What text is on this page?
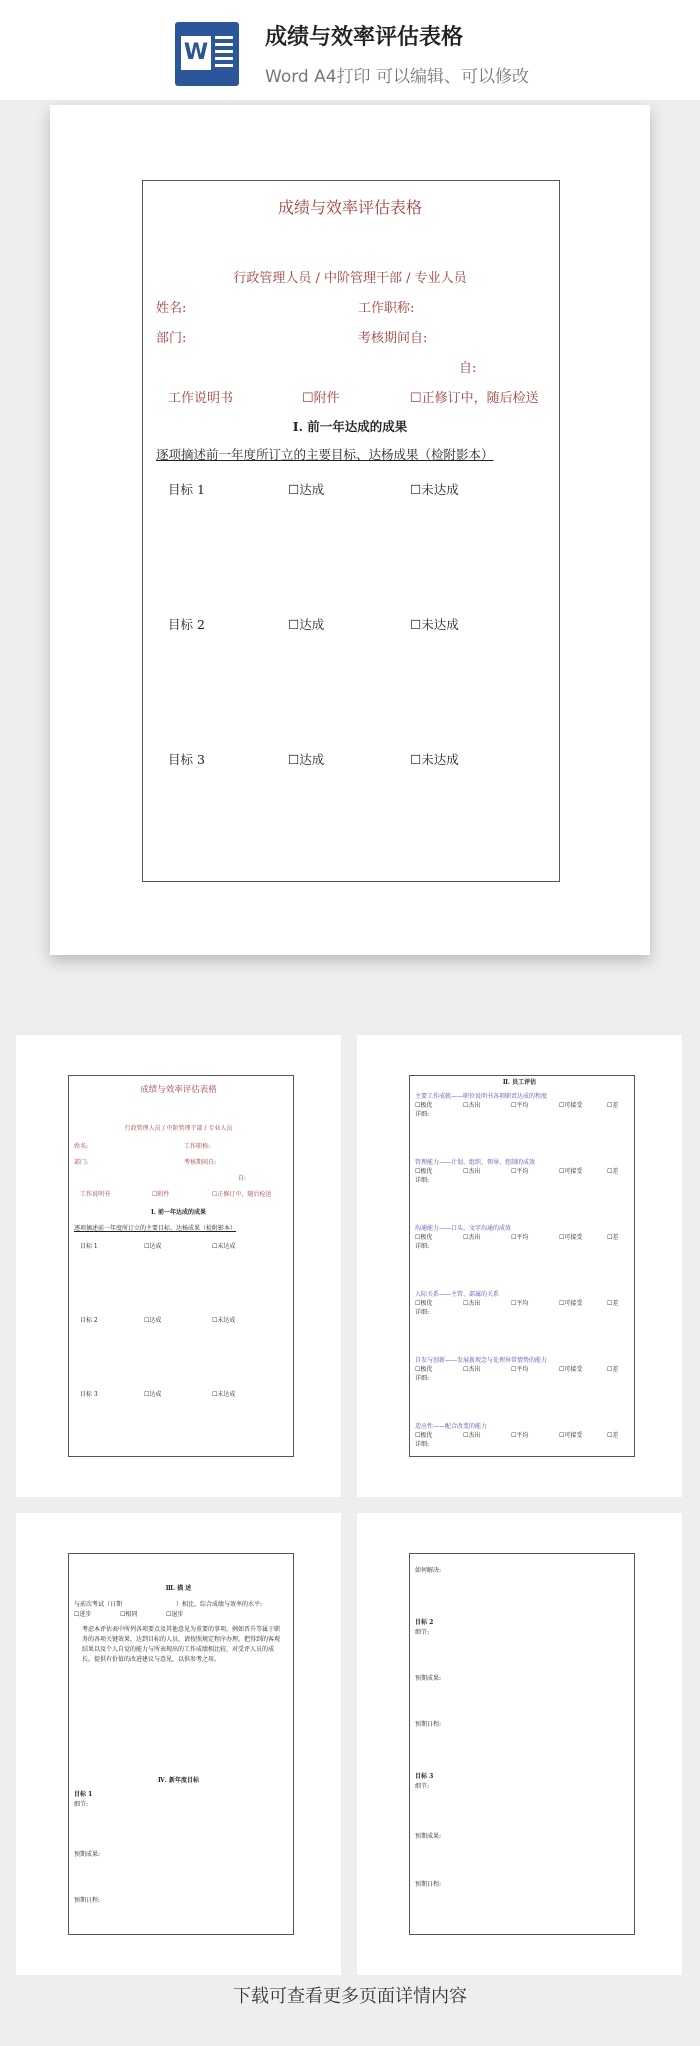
W
成绩与效率评估表格
Word A4打印 可以编辑、可以修改
成绩与效率评估表格
行政管理人员 / 中阶管理干部 / 专业人员
姓名:	工作职称:
部门:	考核期间自:
自:
工作说明书	☐附件	☐正修订中，随后检送
Ⅰ. 前一年达成的成果
逐项摘述前一年度所订立的主要目标、达杨成果（检附影本）
目标 1	☐达成	☐未达成
目标 2	☐达成	☐未达成
目标 3	☐达成	☐未达成
成绩与效率评估表格
行政管理人员 / 中阶管理干部 / 专业人员
姓名:	工作职称:
部门:	考核期间自:
自:
工作说明书	☐附件	☐正修订中，随后检送
Ⅰ. 前一年达成的成果
逐项摘述前一年度所订立的主要目标、达杨成果（检附影本）
目标 1	☐达成	☐未达成
目标 2	☐达成	☐未达成
目标 3	☐达成	☐未达成
Ⅱ. 员工评估
主要工作成就——职位说明书各项职责达成的程度
☐极优	☐杰出	☐平均	☐可接受	☐差
详细:
管理能力——计划、组织、领导、控制的成效
☐极优	☐杰出	☐平均	☐可接受	☐差
详细:
沟通能力——口头、文字沟通的成效
☐极优	☐杰出	☐平均	☐可接受	☐差
详细:
人际关系——主管、部属的关系
☐极优	☐杰出	☐平均	☐可接受	☐差
详细:
自发与创新——发展新观念与处理异常情势的能力
☐极优	☐杰出	☐平均	☐可接受	☐差
详细:
适应性——配合改变的能力
☐极优	☐杰出	☐平均	☐可接受	☐差
详细:
Ⅲ. 描 述
与前次考试（日期	）相比，综合成绩与效率的水平:
☐进步	☐相同	☐退步
考虑本评估表中所列各项要点及其他意见为重要的事项，例如晋升等属于职务的各项关键效果，达到目标的人员，请按照规定程序办理，把得到的客观结果以及个人自觉的能力与所表现出的工作成绩相比较，对受评人员的成长，提供有价值的改进建议与意见，以供参考之用。
Ⅳ. 新年度目标
目标 1
细节:
预期成果:
预期日程:
如何解决:
目标 2
细节:
预期成果:
预期日程:
目标 3
细节:
预期成果:
预期日程:
下载可查看更多页面详情内容
